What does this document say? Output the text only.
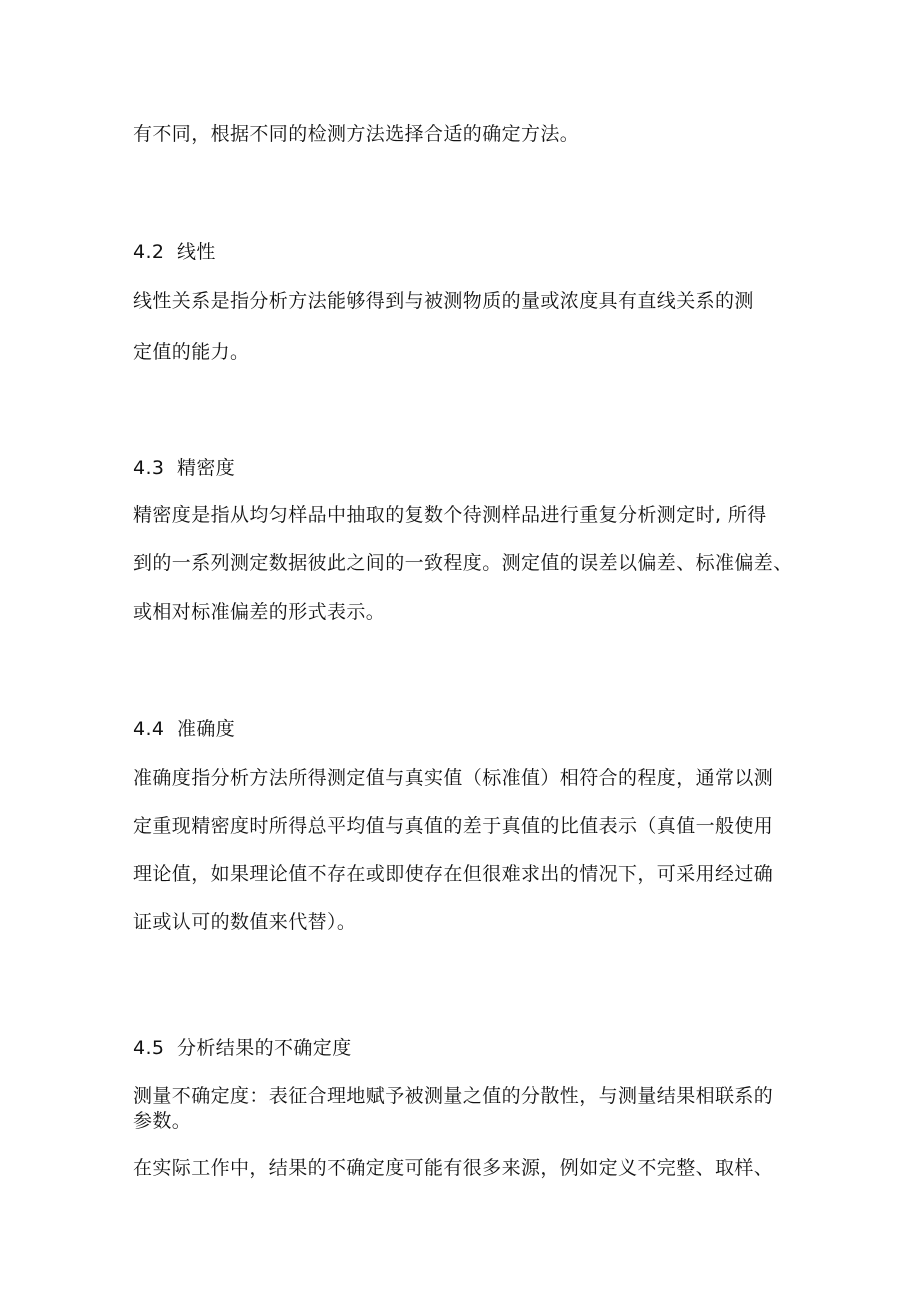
有不同，根据不同的检测方法选择合适的确定方法。
4.2 线性
线性关系是指分析方法能够得到与被测物质的量或浓度具有直线关系的测
定值的能力。
4.3 精密度
精密度是指从均匀样品中抽取的复数个待测样品进行重复分析测定时, 所得
到的一系列测定数据彼此之间的一致程度。测定值的误差以偏差、标准偏差、
或相对标准偏差的形式表示。
4.4 准确度
准确度指分析方法所得测定值与真实值（标准值）相符合的程度，通常以测
定重现精密度时所得总平均值与真值的差于真值的比值表示（真值一般使用
理论值，如果理论值不存在或即使存在但很难求出的情况下，可采用经过确
证或认可的数值来代替）。
4.5 分析结果的不确定度
测量不确定度：表征合理地赋予被测量之值的分散性，与测量结果相联系的
参数。
在实际工作中，结果的不确定度可能有很多来源，例如定义不完整、取样、
